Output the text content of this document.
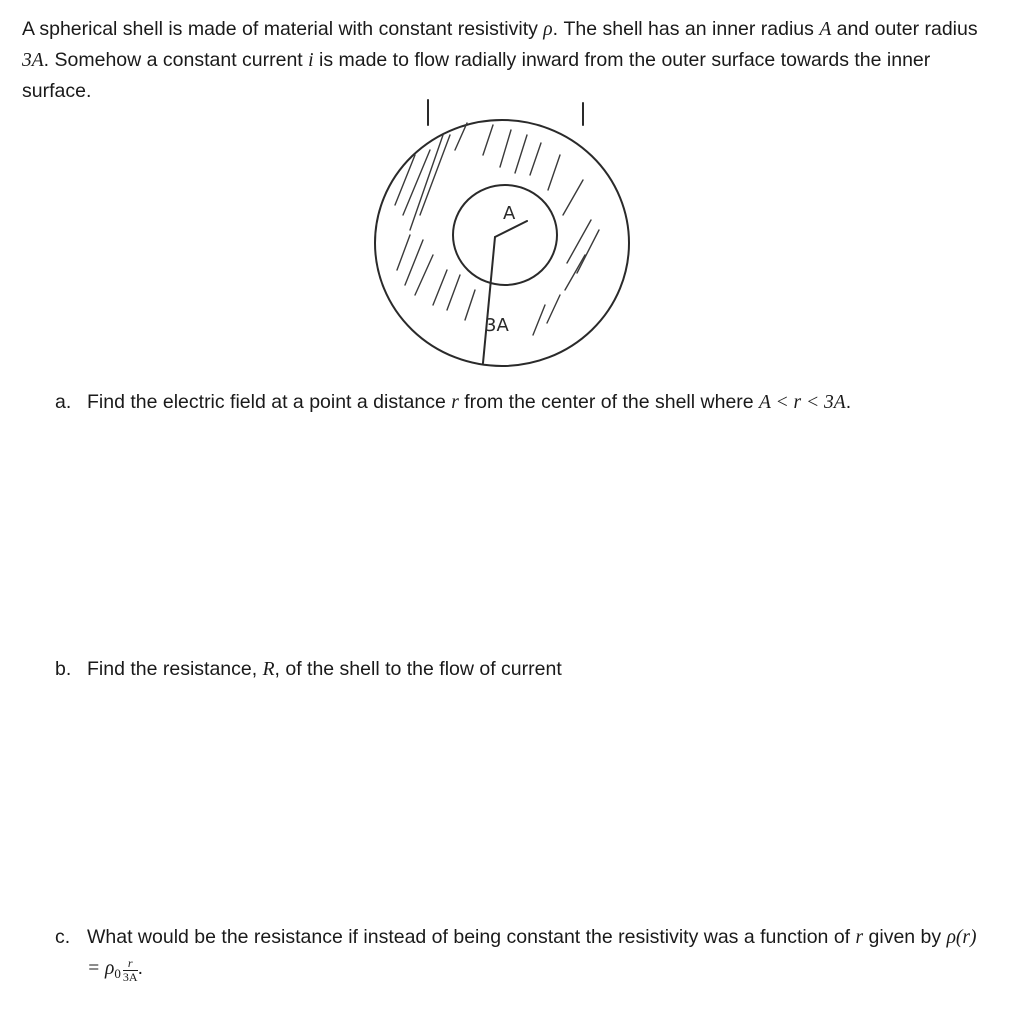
A spherical shell is made of material with constant resistivity ρ. The shell has an inner radius A and outer radius 3A. Somehow a constant current i is made to flow radially inward from the outer surface towards the inner surface.
A
3A
a. Find the electric field at a point a distance r from the center of the shell where A < r < 3A.
b. Find the resistance, R, of the shell to the flow of current
c. What would be the resistance if instead of being constant the resistivity was a function of r given by $\rho(r) = \rho_0 \frac{r}{3A}$ .
